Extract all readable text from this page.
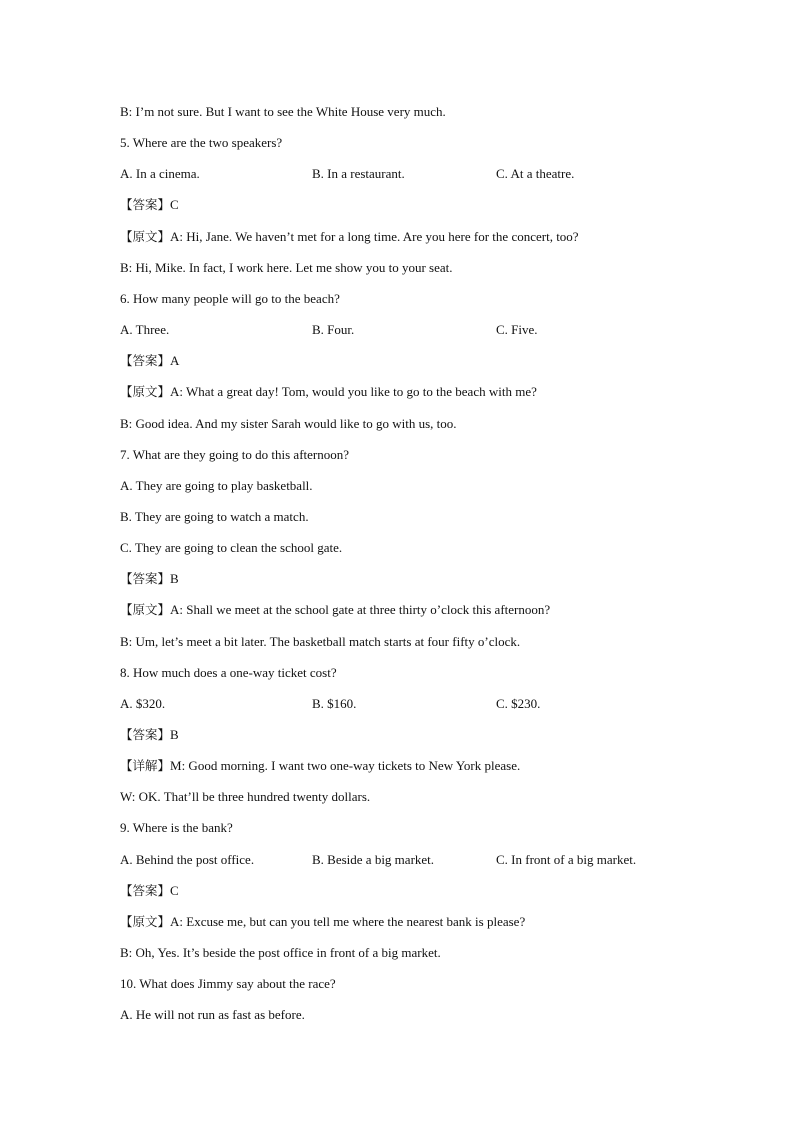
B: I’m not sure. But I want to see the White House very much.
5. Where are the two speakers?
A. In a cinema.	B. In a restaurant.	C. At a theatre.
【答案】C
【原文】A: Hi, Jane. We haven’t met for a long time. Are you here for the concert, too?
B: Hi, Mike. In fact, I work here. Let me show you to your seat.
6. How many people will go to the beach?
A. Three.	B. Four.	C. Five.
【答案】A
【原文】A: What a great day! Tom, would you like to go to the beach with me?
B: Good idea. And my sister Sarah would like to go with us, too.
7. What are they going to do this afternoon?
A. They are going to play basketball.
B. They are going to watch a match.
C. They are going to clean the school gate.
【答案】B
【原文】A: Shall we meet at the school gate at three thirty o’clock this afternoon?
B: Um, let’s meet a bit later. The basketball match starts at four fifty o’clock.
8. How much does a one-way ticket cost?
A. $320.	B. $160.	C. $230.
【答案】B
【详解】M: Good morning. I want two one-way tickets to New York please.
W: OK. That’ll be three hundred twenty dollars.
9. Where is the bank?
A. Behind the post office.	B. Beside a big market.	C. In front of a big market.
【答案】C
【原文】A: Excuse me, but can you tell me where the nearest bank is please?
B: Oh, Yes. It’s beside the post office in front of a big market.
10. What does Jimmy say about the race?
A. He will not run as fast as before.
